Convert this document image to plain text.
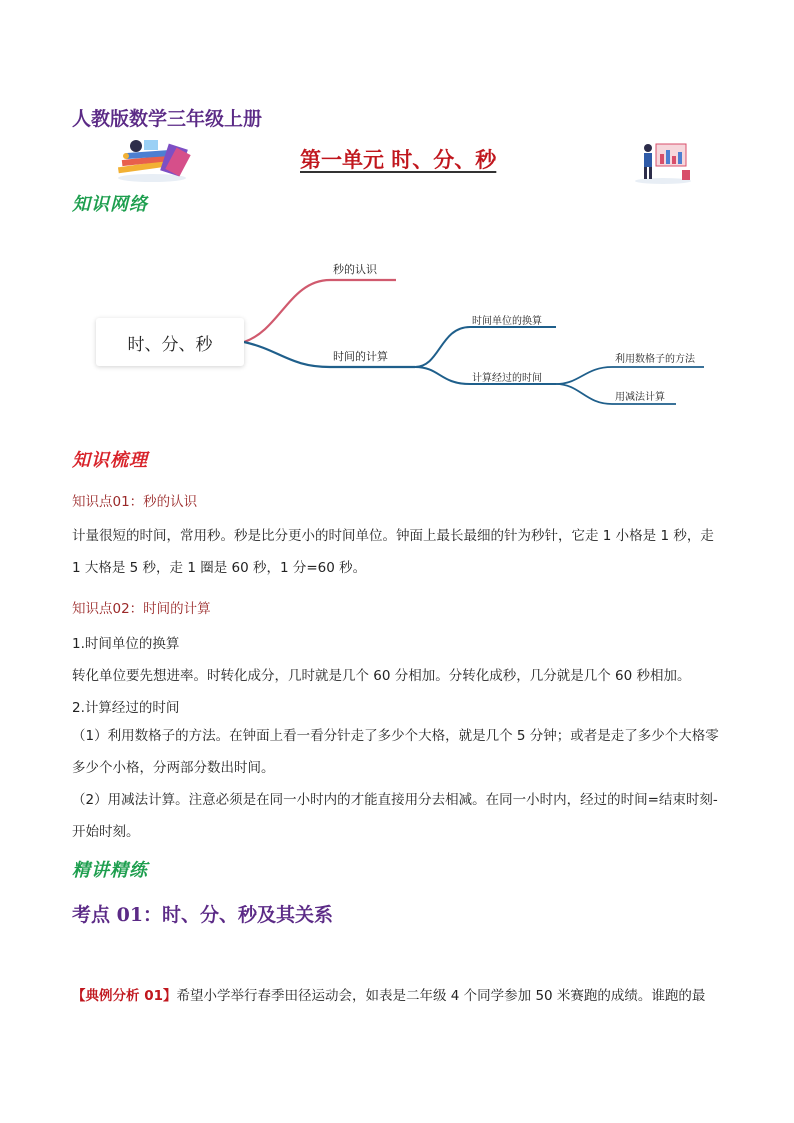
人教版数学三年级上册
第一单元 时、分、秒
知识网络
时、分、秒
秒的认识
时间的计算
时间单位的换算
计算经过的时间
利用数格子的方法
用减法计算
知识梳理
知识点01：秒的认识
计量很短的时间，常用秒。秒是比分更小的时间单位。钟面上最长最细的针为秒针，它走 1 小格是 1 秒，走 1 大格是 5 秒，走 1 圈是 60 秒，1 分=60 秒。
知识点02：时间的计算
1.时间单位的换算
转化单位要先想进率。时转化成分，几时就是几个 60 分相加。分转化成秒，几分就是几个 60 秒相加。
2.计算经过的时间
（1）利用数格子的方法。在钟面上看一看分针走了多少个大格，就是几个 5 分钟；或者是走了多少个大格零多少个小格，分两部分数出时间。
（2）用减法计算。注意必须是在同一小时内的才能直接用分去相减。在同一小时内，经过的时间=结束时刻-开始时刻。
精讲精练
考点 01：时、分、秒及其关系
【典例分析 01】希望小学举行春季田径运动会，如表是二年级 4 个同学参加 50 米赛跑的成绩。谁跑的最
